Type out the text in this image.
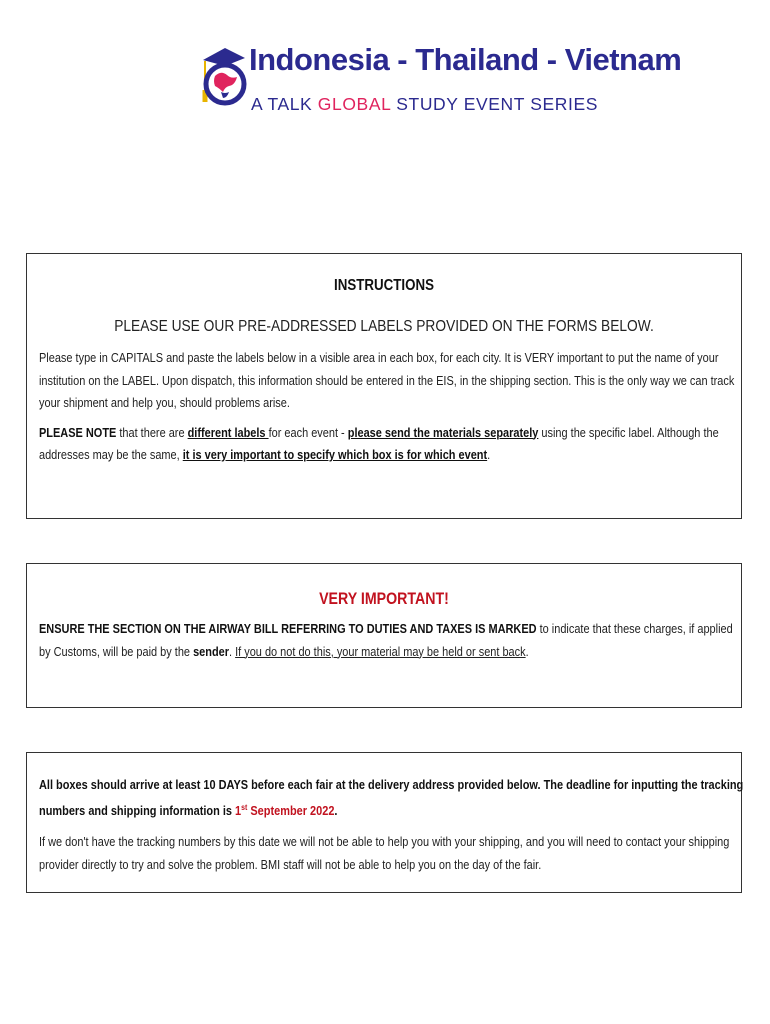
Indonesia - Thailand - Vietnam
A TALK GLOBAL STUDY EVENT SERIES
INSTRUCTIONS
PLEASE USE OUR PRE-ADDRESSED LABELS PROVIDED ON THE FORMS BELOW.
Please type in CAPITALS and paste the labels below in a visible area in each box, for each city. It is VERY important to put the name of your institution on the LABEL. Upon dispatch, this information should be entered in the EIS, in the shipping section. This is the only way we can track your shipment and help you, should problems arise.
PLEASE NOTE that there are different labels for each event - please send the materials separately using the specific label. Although the addresses may be the same, it is very important to specify which box is for which event.
VERY IMPORTANT!
ENSURE THE SECTION ON THE AIRWAY BILL REFERRING TO DUTIES AND TAXES IS MARKED to indicate that these charges, if applied by Customs, will be paid by the sender. If you do not do this, your material may be held or sent back.
All boxes should arrive at least 10 DAYS before each fair at the delivery address provided below. The deadline for inputting the tracking numbers and shipping information is 1st September 2022.
If we don't have the tracking numbers by this date we will not be able to help you with your shipping, and you will need to contact your shipping provider directly to try and solve the problem. BMI staff will not be able to help you on the day of the fair.
